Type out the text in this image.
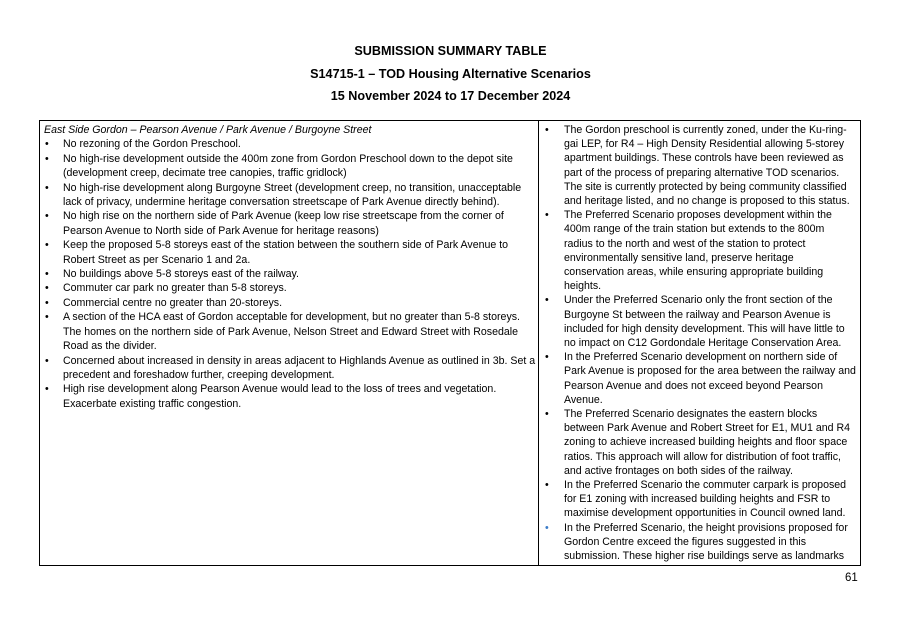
SUBMISSION SUMMARY TABLE
S14715-1 – TOD Housing Alternative Scenarios
15 November 2024 to 17 December 2024
East Side Gordon – Pearson Avenue / Park Avenue / Burgoyne Street
• No rezoning of the Gordon Preschool.
• No high-rise development outside the 400m zone from Gordon Preschool down to the depot site (development creep, decimate tree canopies, traffic gridlock)
• No high-rise development along Burgoyne Street (development creep, no transition, unacceptable lack of privacy, undermine heritage conversation streetscape of Park Avenue directly behind).
• No high rise on the northern side of Park Avenue (keep low rise streetscape from the corner of Pearson Avenue to North side of Park Avenue for heritage reasons)
• Keep the proposed 5-8 storeys east of the station between the southern side of Park Avenue to Robert Street as per Scenario 1 and 2a.
• No buildings above 5-8 storeys east of the railway.
• Commuter car park no greater than 5-8 storeys.
• Commercial centre no greater than 20-storeys.
• A section of the HCA east of Gordon acceptable for development, but no greater than 5-8 storeys. The homes on the northern side of Park Avenue, Nelson Street and Edward Street with Rosedale Road as the divider.
• Concerned about increased in density in areas adjacent to Highlands Avenue as outlined in 3b. Set a precedent and foreshadow further, creeping development.
• High rise development along Pearson Avenue would lead to the loss of trees and vegetation. Exacerbate existing traffic congestion.
• The Gordon preschool is currently zoned, under the Ku-ring-gai LEP, for R4 – High Density Residential allowing 5-storey apartment buildings. These controls have been reviewed as part of the process of preparing alternative TOD scenarios. The site is currently protected by being community classified and heritage listed, and no change is proposed to this status.
• The Preferred Scenario proposes development within the 400m range of the train station but extends to the 800m radius to the north and west of the station to protect environmentally sensitive land, preserve heritage conservation areas, while ensuring appropriate building heights.
• Under the Preferred Scenario only the front section of the Burgoyne St between the railway and Pearson Avenue is included for high density development. This will have little to no impact on C12 Gordondale Heritage Conservation Area.
• In the Preferred Scenario development on northern side of Park Avenue is proposed for the area between the railway and Pearson Avenue and does not exceed beyond Pearson Avenue.
• The Preferred Scenario designates the eastern blocks between Park Avenue and Robert Street for E1, MU1 and R4 zoning to achieve increased building heights and floor space ratios. This approach will allow for distribution of foot traffic, and active frontages on both sides of the railway.
• In the Preferred Scenario the commuter carpark is proposed for E1 zoning with increased building heights and FSR to maximise development opportunities in Council owned land.
• In the Preferred Scenario, the height provisions proposed for Gordon Centre exceed the figures suggested in this submission. These higher rise buildings serve as landmarks
61
